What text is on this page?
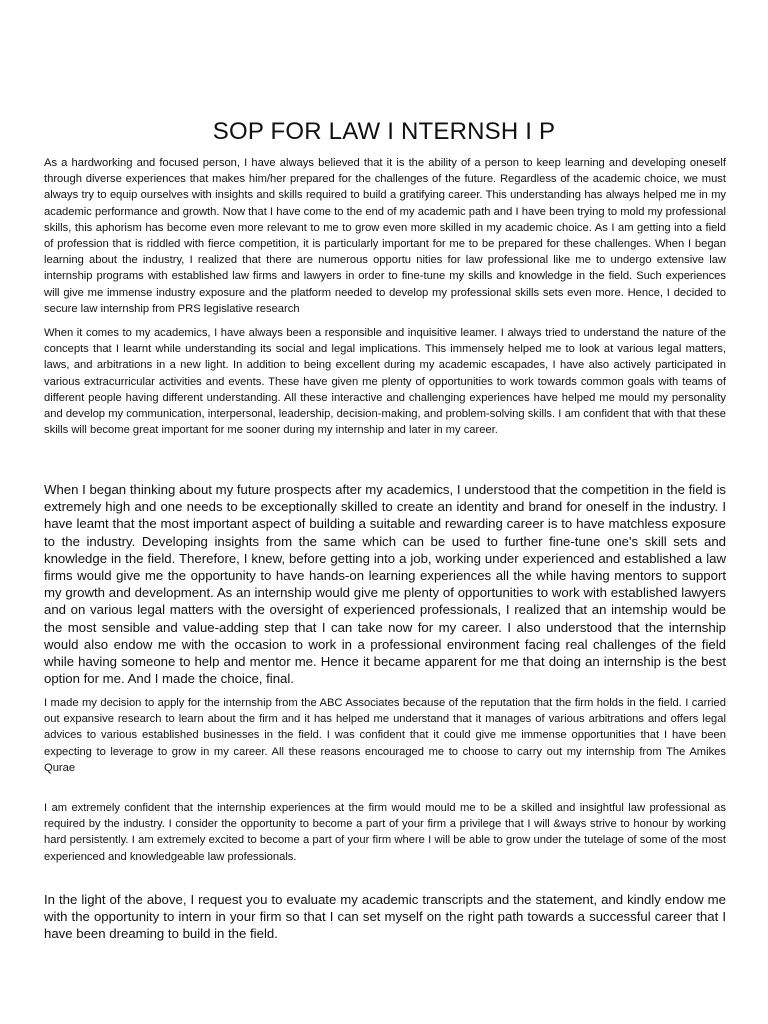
SOP FOR LAW I NTERNSH I P

As a hardworking and focused person, I have always believed that it is the ability of a person to keep learning and developing oneself through diverse experiences that makes him/her prepared for the challenges of the future. Regardless of the academic choice, we must always try to equip ourselves with insights and skills required to build a gratifying career. This understanding has always helped me in my academic performance and growth. Now that I have come to the end of my academic path and I have been trying to mold my professional skills, this aphorism has become even more relevant to me to grow even more skilled in my academic choice. As I am getting into a field of profession that is riddled with fierce competition, it is particularly important for me to be prepared for these challenges. When I began learning about the industry, I realized that there are numerous opportu nities for law professional like me to undergo extensive law internship programs with established law firms and lawyers in order to fine-tune my skills and knowledge in the field. Such experiences will give me immense industry exposure and the platform needed to develop my professional skills sets even more. Hence, I decided to secure law internship from PRS legislative research

When it comes to my academics, I have always been a responsible and inquisitive leamer. I always tried to understand the nature of the concepts that I learnt while understanding its social and legal implications. This immensely helped me to look at various legal matters, laws, and arbitrations in a new light. In addition to being excellent during my academic escapades, I have also actively participated in various extracurricular activities and events. These have given me plenty of opportunities to work towards common goals with teams of different people having different understanding. All these interactive and challenging experiences have helped me mould my personality and develop my communication, interpersonal, leadership, decision-making, and problem-solving skills. I am confident that with that these skills will become great important for me sooner during my internship and later in my career.

When I began thinking about my future prospects after my academics, I understood that the competition in the field is extremely high and one needs to be exceptionally skilled to create an identity and brand for oneself in the industry. I have leamt that the most important aspect of building a suitable and rewarding career is to have matchless exposure to the industry. Developing insights from the same which can be used to further fine-tune one's skill sets and knowledge in the field. Therefore, I knew, before getting into a job, working under experienced and established a law firms would give me the opportunity to have hands-on learning experiences all the while having mentors to support my growth and development. As an internship would give me plenty of opportunities to work with established lawyers and on various legal matters with the oversight of experienced professionals, I realized that an intemship would be the most sensible and value-adding step that I can take now for my career. I also understood that the internship would also endow me with the occasion to work in a professional environment facing real challenges of the field while having someone to help and mentor me. Hence it became apparent for me that doing an internship is the best option for me. And I made the choice, final.

I made my decision to apply for the internship from the ABC Associates because of the reputation that the firm holds in the field. I carried out expansive research to learn about the firm and it has helped me understand that it manages of various arbitrations and offers legal advices to various established businesses in the field. I was confident that it could give me immense opportunities that I have been expecting to leverage to grow in my career. All these reasons encouraged me to choose to carry out my internship from The Amikes Qurae

I am extremely confident that the internship experiences at the firm would mould me to be a skilled and insightful law professional as required by the industry. I consider the opportunity to become a part of your firm a privilege that I will &ways strive to honour by working hard persistently. I am extremely excited to become a part of your firm where I will be able to grow under the tutelage of some of the most experienced and knowledgeable law professionals.

In the light of the above, I request you to evaluate my academic transcripts and the statement, and kindly endow me with the opportunity to intern in your firm so that I can set myself on the right path towards a successful career that I have been dreaming to build in the field.
